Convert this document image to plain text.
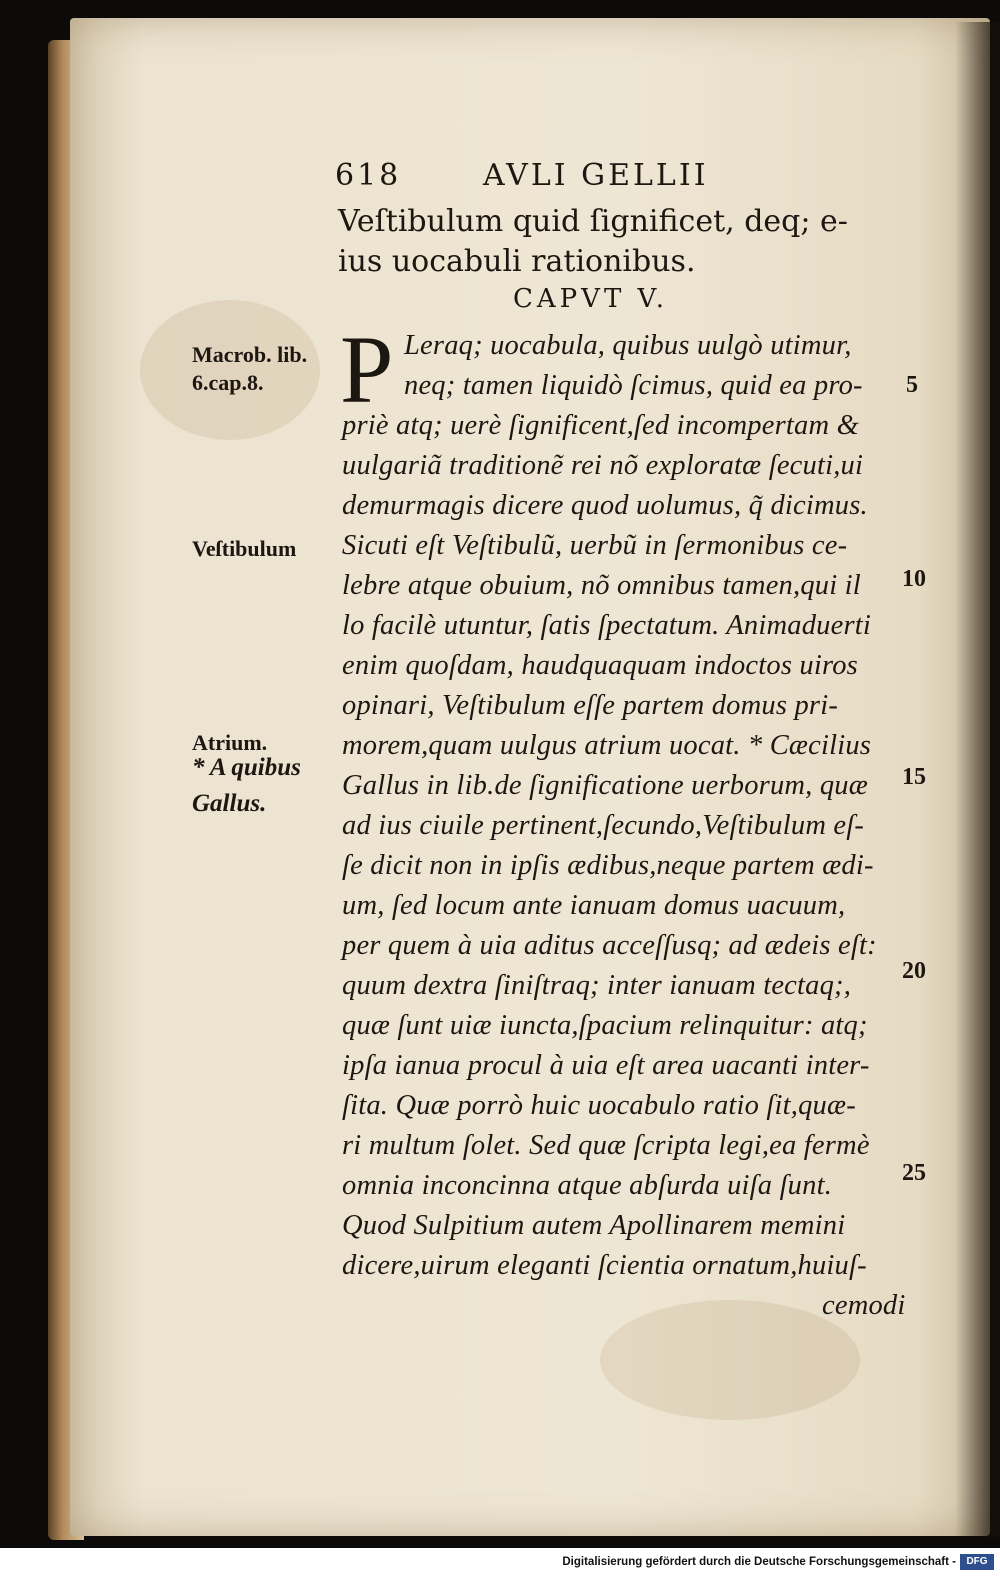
618	AVLI GELLII
Veſtibulum quid ſignificet, deq; e-
ius uocabuli rationibus.
CAPVT V.
P Leraq; uocabula, quibus uulgò utimur,
neq; tamen liquidò ſcimus, quid ea pro-
priè atq; uerè ſignificent,ſed incompertam &
uulgariã traditionẽ rei nõ exploratæ ſecuti,ui
demurmagis dicere quod uolumus, q̃ dicimus.
Sicuti eſt Veſtibulũ, uerbũ in ſermonibus ce-
lebre atque obuium, nõ omnibus tamen,qui il
lo facilè utuntur, ſatis ſpectatum. Animaduerti
enim quoſdam, haudquaquam indoctos uiros
opinari, Veſtibulum eſſe partem domus pri-
morem,quam uulgus atrium uocat. * Cæcilius
Gallus in lib.de ſignificatione uerborum, quæ
ad ius ciuile pertinent,ſecundo,Veſtibulum eſ-
ſe dicit non in ipſis ædibus,neque partem ædi-
um, ſed locum ante ianuam domus uacuum,
per quem à uia aditus acceſſusq; ad ædeis eſt:
quum dextra ſiniſtraq; inter ianuam tectaq;,
quæ ſunt uiæ iuncta,ſpacium relinquitur: atq;
ipſa ianua procul à uia eſt area uacanti inter-
ſita. Quæ porrò huic uocabulo ratio ſit,quæ-
ri multum ſolet. Sed quæ ſcripta legi,ea fermè
omnia inconcinna atque abſurda uiſa ſunt.
Quod Sulpitium autem Apollinarem memini
dicere,uirum eleganti ſcientia ornatum,huiuſ-
cemodi
Macrob. lib.
6.cap.8.
Veſtibulum
Atrium.
* A quibus
Gallus.
5
10
15
20
25
Digitalisierung gefördert durch die Deutsche Forschungsgemeinschaft -	DFG
